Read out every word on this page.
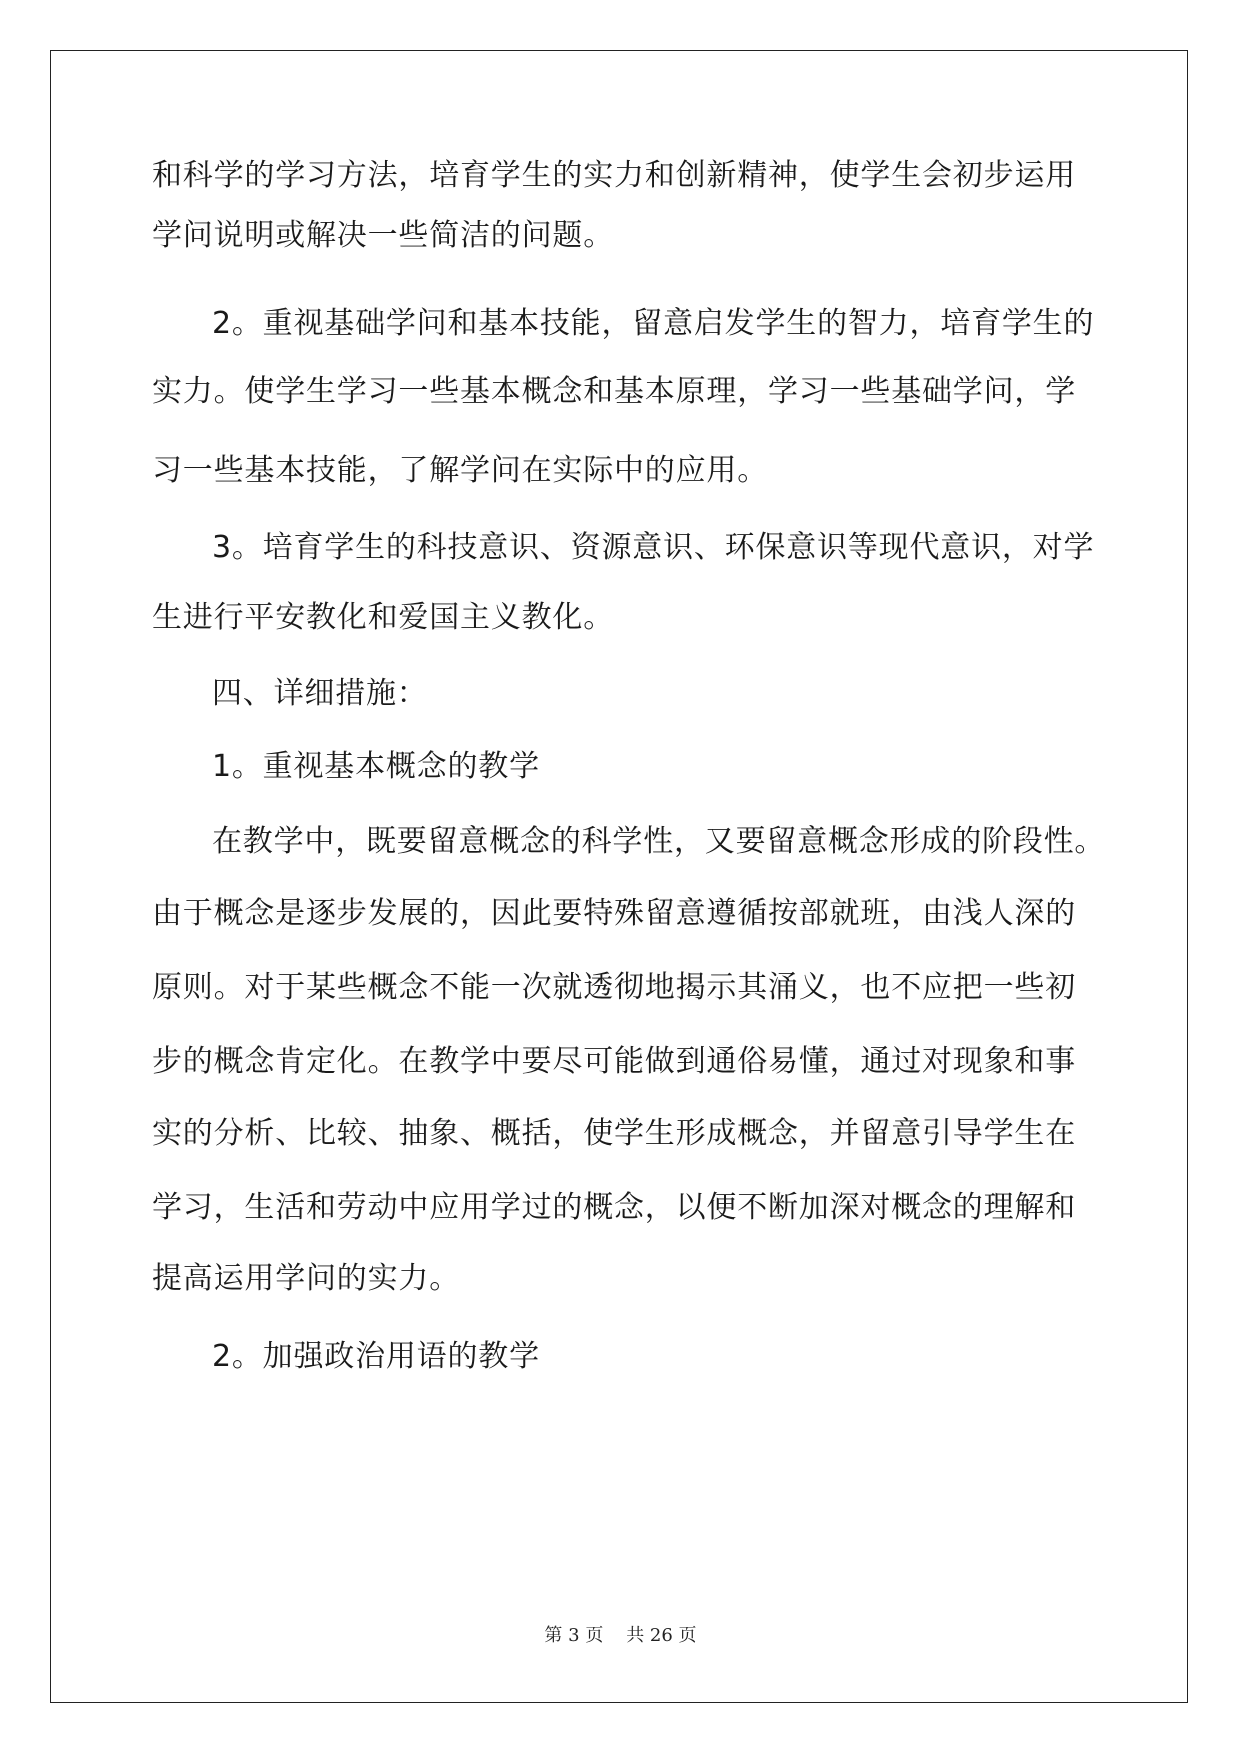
和科学的学习方法，培育学生的实力和创新精神，使学生会初步运用
学问说明或解决一些简洁的问题。
2。重视基础学问和基本技能，留意启发学生的智力，培育学生的
实力。使学生学习一些基本概念和基本原理，学习一些基础学问，学
习一些基本技能，了解学问在实际中的应用。
3。培育学生的科技意识、资源意识、环保意识等现代意识，对学
生进行平安教化和爱国主义教化。
四、详细措施：
1。重视基本概念的教学
在教学中，既要留意概念的科学性，又要留意概念形成的阶段性。
由于概念是逐步发展的，因此要特殊留意遵循按部就班，由浅人深的
原则。对于某些概念不能一次就透彻地揭示其涌义，也不应把一些初
步的概念肯定化。在教学中要尽可能做到通俗易懂，通过对现象和事
实的分析、比较、抽象、概括，使学生形成概念，并留意引导学生在
学习，生活和劳动中应用学过的概念，以便不断加深对概念的理解和
提高运用学问的实力。
2。加强政治用语的教学
第 3 页    共 26 页
